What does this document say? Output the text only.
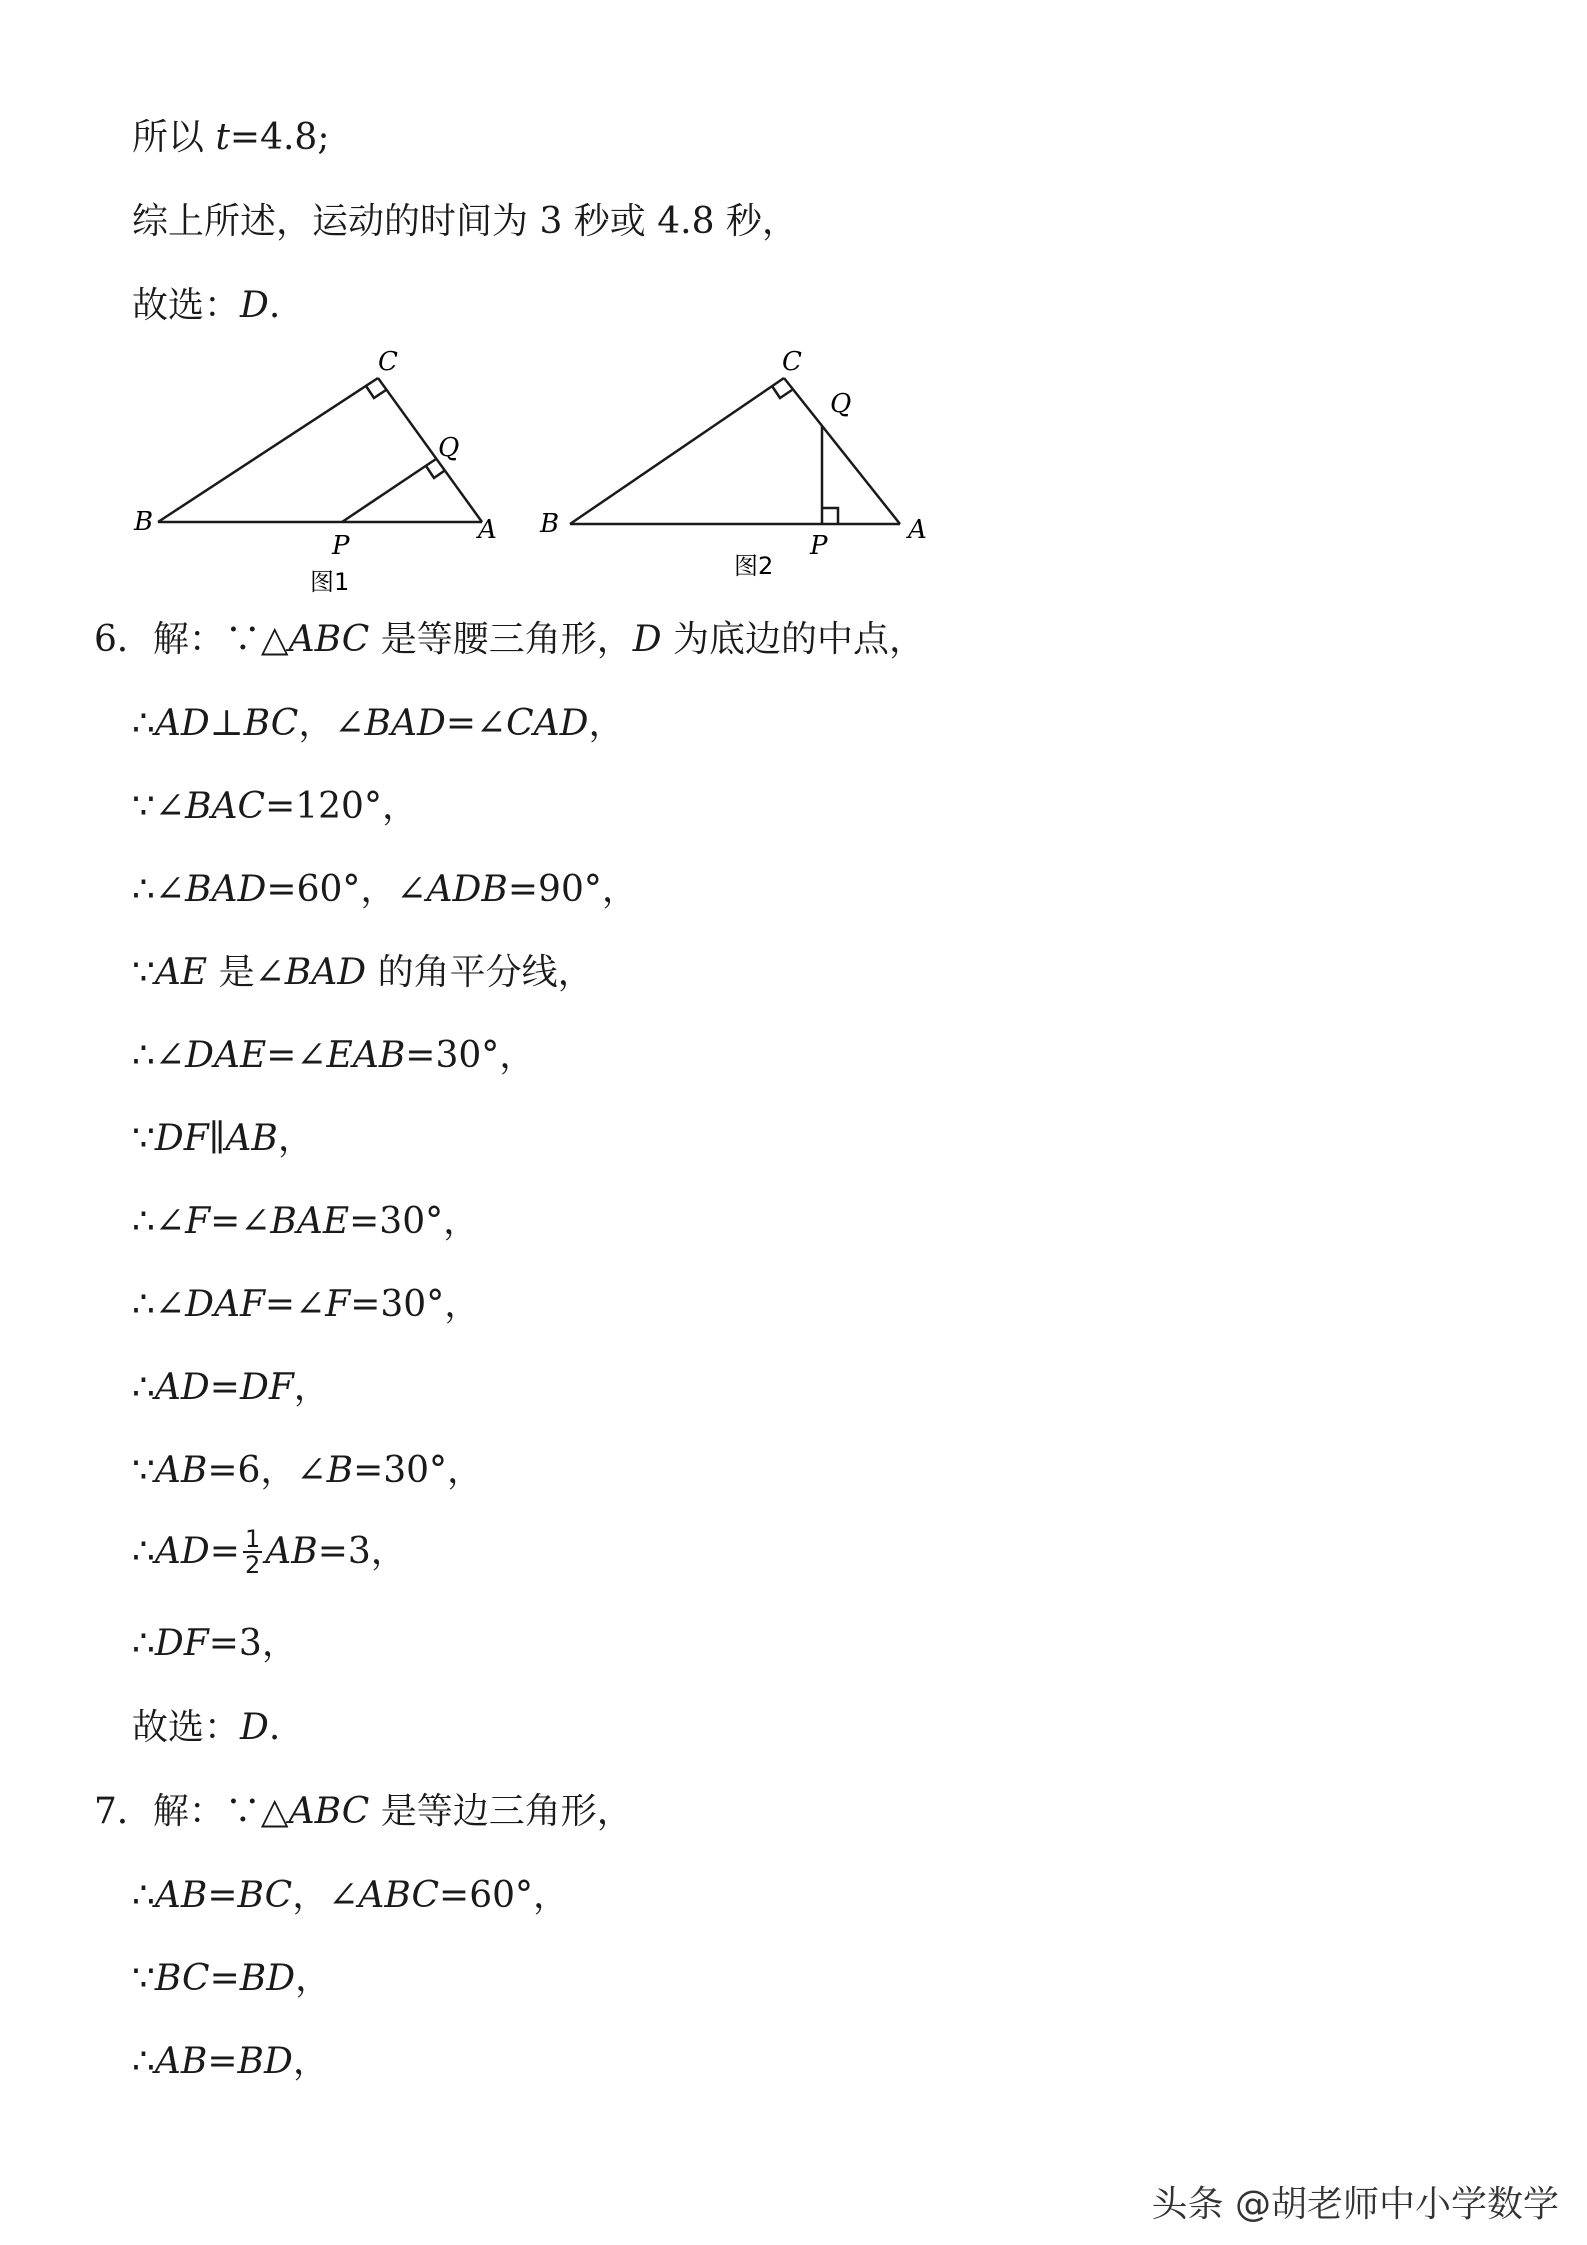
所以 t=4.8;
综上所述，运动的时间为 3 秒或 4.8 秒，
故选：D.
B
C
Q
A
P
图1
B
C
Q
A
P
图2
6．解：∵△ABC 是等腰三角形，D 为底边的中点，
∴AD⊥BC，∠BAD=∠CAD，
∵∠BAC=120°，
∴∠BAD=60°，∠ADB=90°，
∵AE 是∠BAD 的角平分线，
∴∠DAE=∠EAB=30°，
∵DF∥AB，
∴∠F=∠BAE=30°，
∴∠DAF=∠F=30°，
∴AD=DF，
∵AB=6，∠B=30°，
∴AD= $\frac{1}{2} AB=3$，
∴DF=3，
故选：D.
7．解：∵△ABC 是等边三角形，
∴AB=BC，∠ABC=60°，
∵BC=BD，
∴AB=BD，
头条 @胡老师中小学数学
